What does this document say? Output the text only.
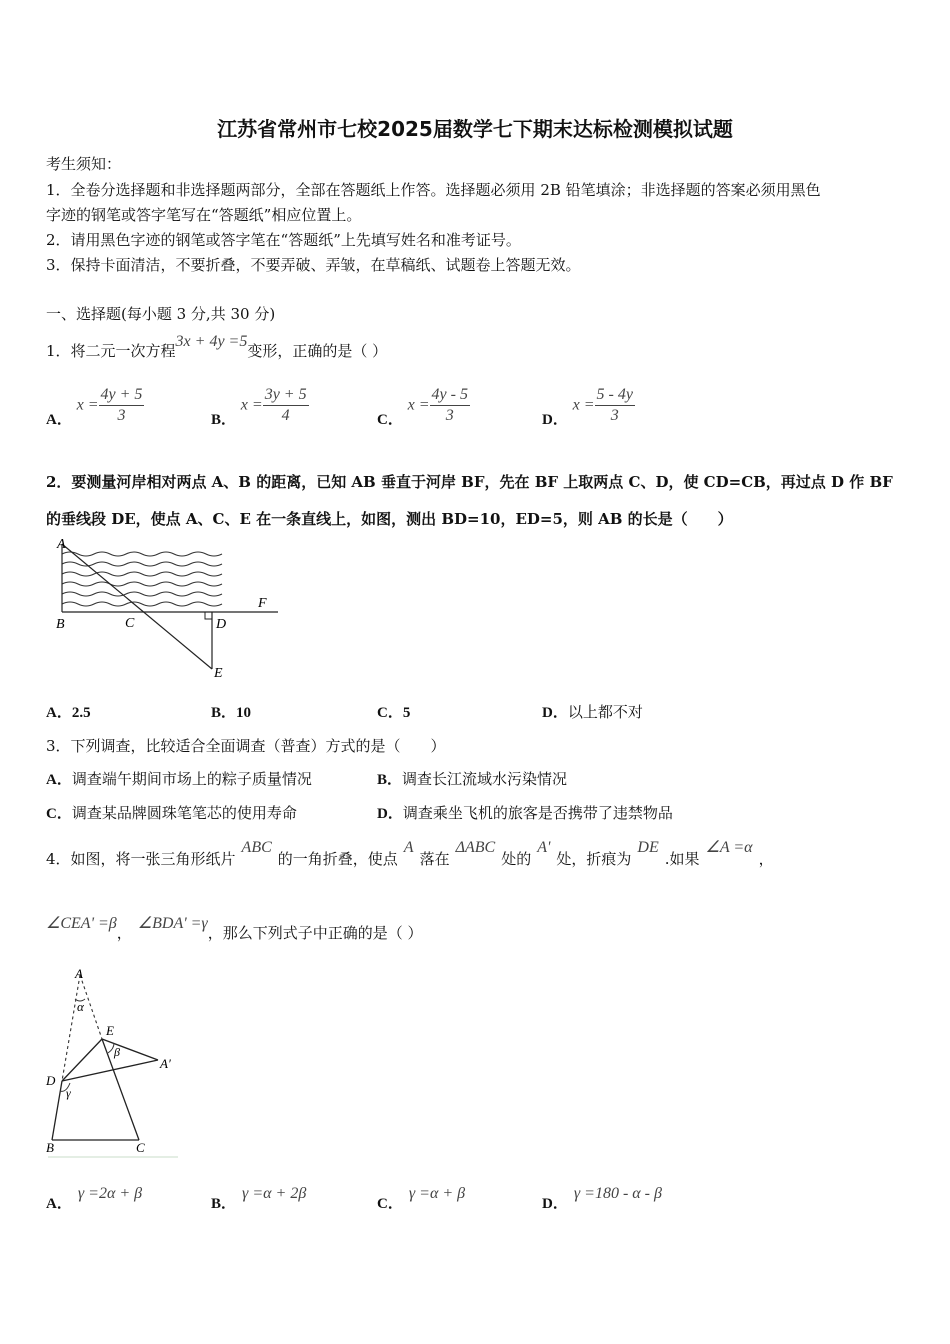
江苏省常州市七校2025届数学七下期末达标检测模拟试题
考生须知：
1．全卷分选择题和非选择题两部分，全部在答题纸上作答。选择题必须用 2B 铅笔填涂；非选择题的答案必须用黑色
字迹的钢笔或答字笔写在“答题纸”相应位置上。
2．请用黑色字迹的钢笔或答字笔在“答题纸”上先填写姓名和准考证号。
3．保持卡面清洁，不要折叠，不要弄破、弄皱，在草稿纸、试题卷上答题无效。
一、选择题(每小题 3 分,共 30 分)
1．将二元一次方程3x + 4y =5变形，正确的是（ ）
A． $x = \frac{4y + 5}{3}$	B． $x = \frac{3y + 5}{4}$	C． $x = \frac{4y - 5}{3}$	D． $x = \frac{5 - 4y}{3}$
2．要测量河岸相对两点 A、B 的距离，已知 AB 垂直于河岸 BF，先在 BF 上取两点 C、D，使 CD=CB，再过点 D 作 BF
的垂线段 DE，使点 A、C、E 在一条直线上，如图，测出 BD=10，ED=5，则 AB 的长是（　　）
A
B	C	D
E
F
A．2.5	B．10	C．5	D．以上都不对
3．下列调查，比较适合全面调查（普查）方式的是（　　）
A．调查端午期间市场上的粽子质量情况	B．调查长江流域水污染情况
C．调查某品牌圆珠笔笔芯的使用寿命	D．调查乘坐飞机的旅客是否携带了违禁物品
4．如图，将一张三角形纸片ABC的一角折叠，使点A落在ΔABC处的A'处，折痕为DE.如果∠A =α，
∠CEA' =β，∠BDA' =γ，那么下列式子中正确的是（ ）
A
α
E
β
A′
D
γ
B	C
A．γ =2α + β
B．γ =α + 2β
C．γ =α + β
D．γ =180 - α - β
